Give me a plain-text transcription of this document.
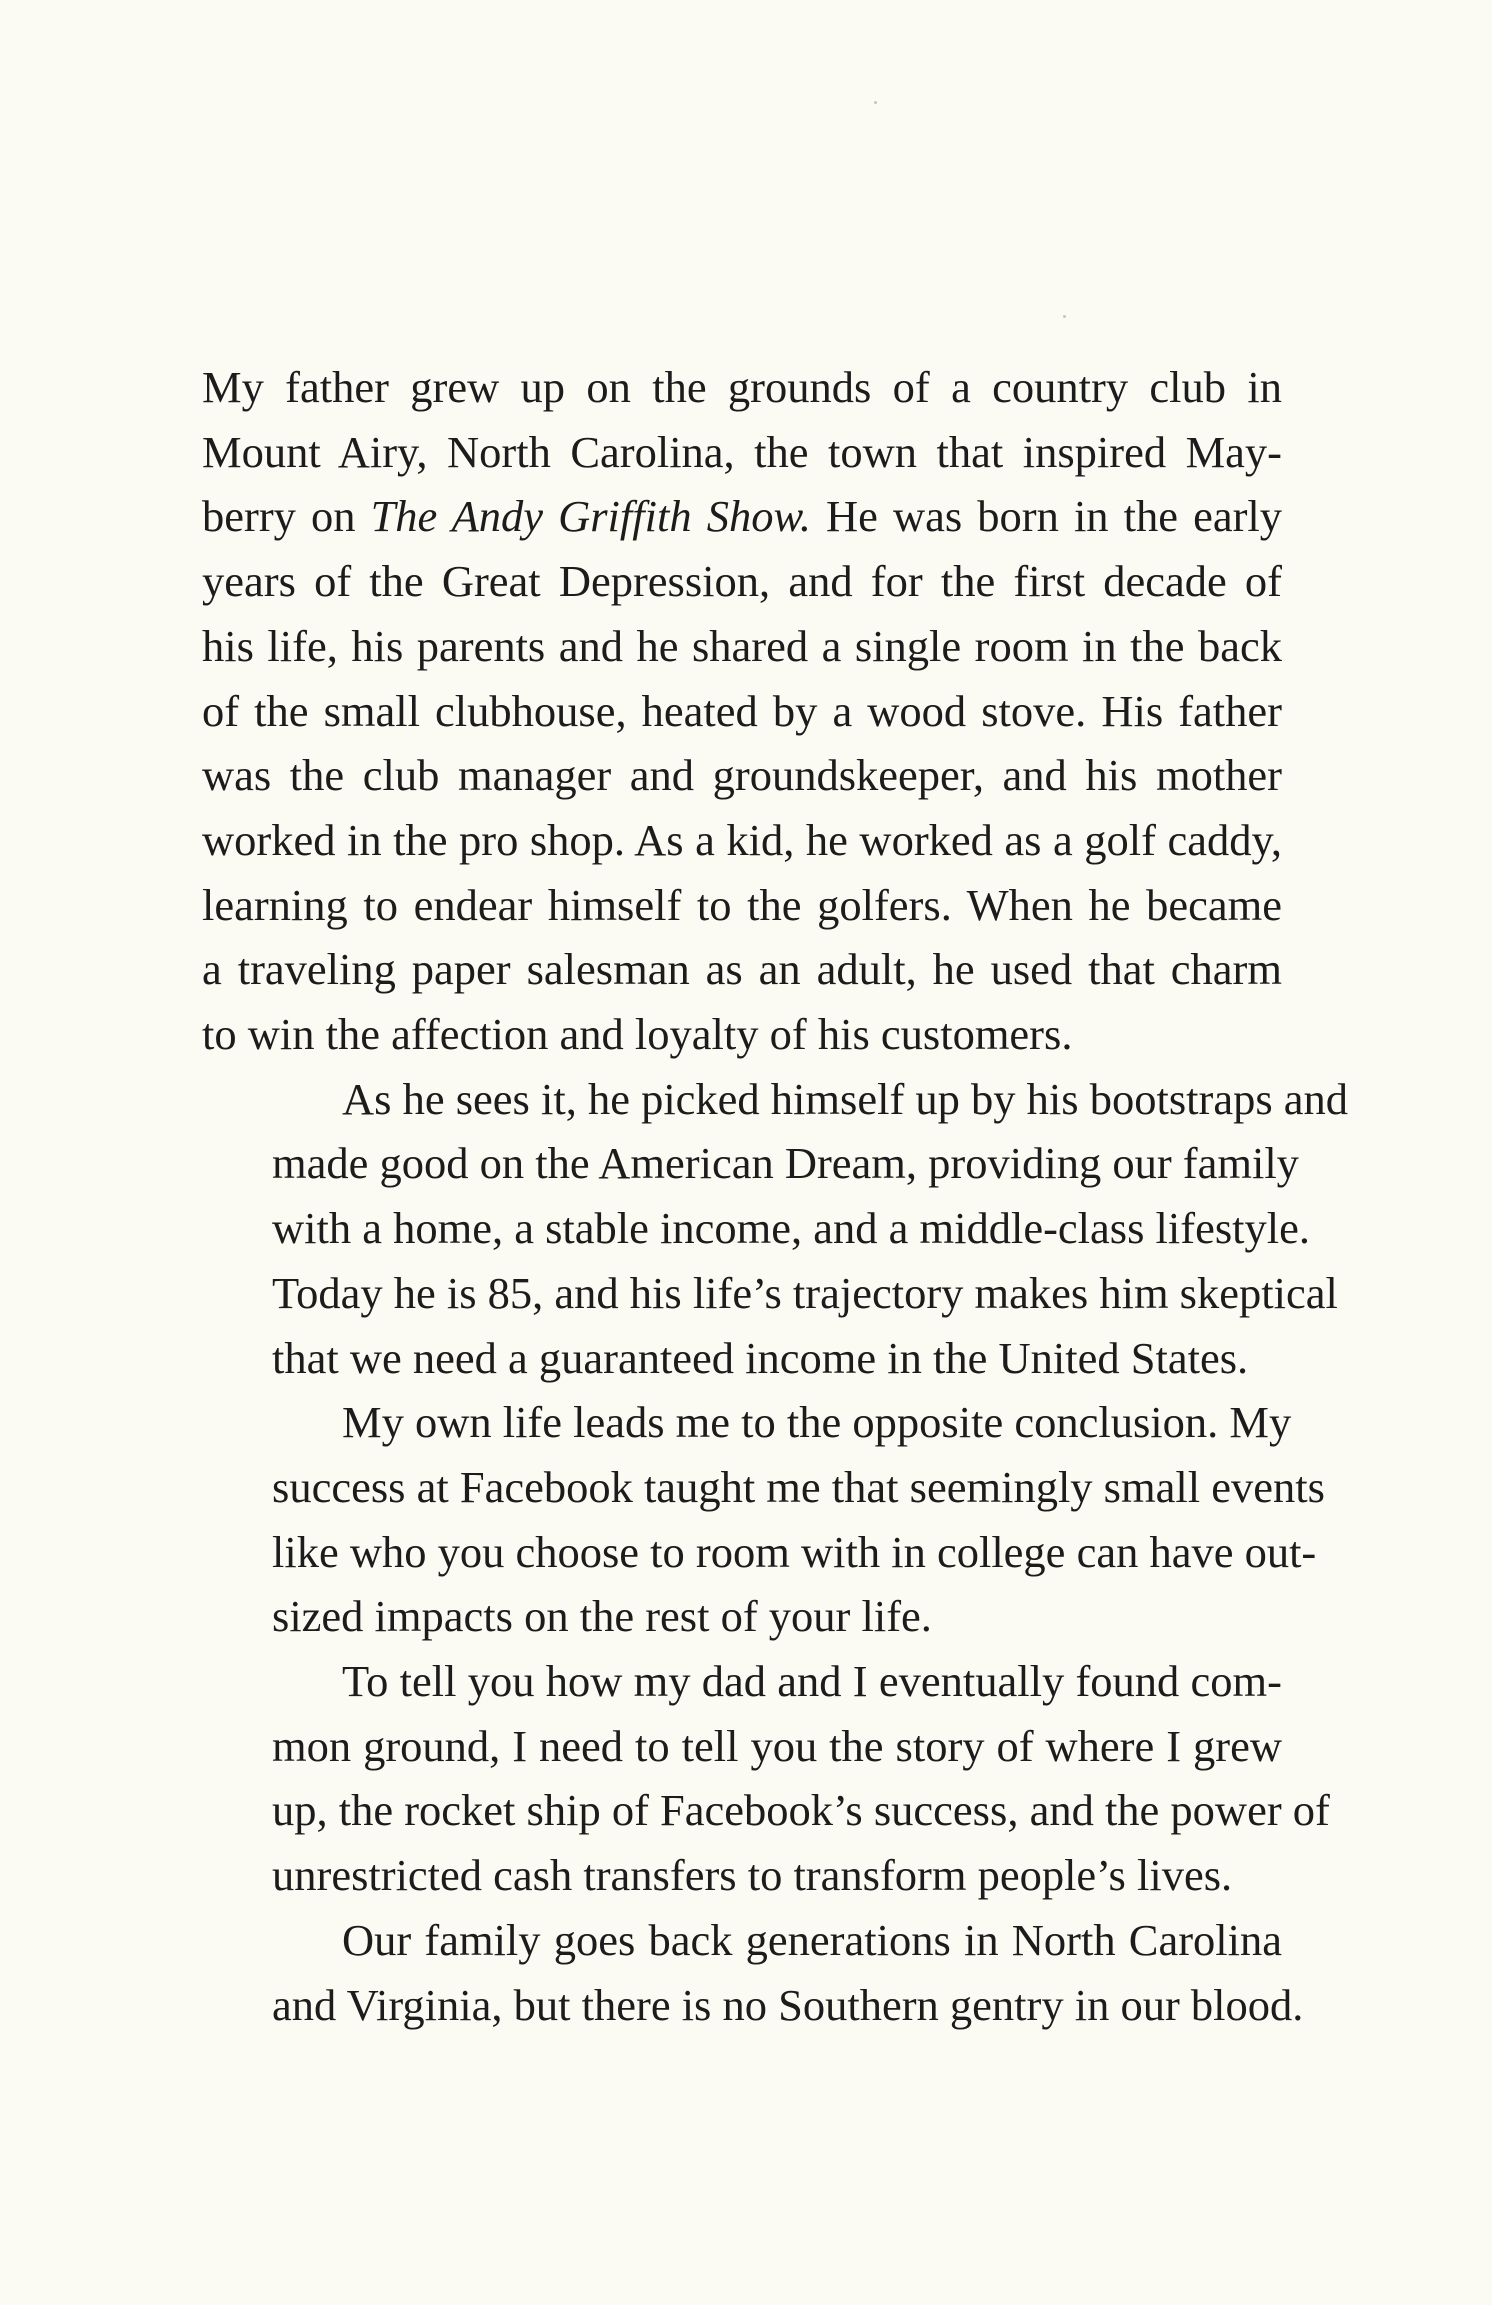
My father grew up on the grounds of a country club in
Mount Airy, North Carolina, the town that inspired May-
berry on The Andy Griffith Show. He was born in the early
years of the Great Depression, and for the first decade of
his life, his parents and he shared a single room in the back
of the small clubhouse, heated by a wood stove. His father
was the club manager and groundskeeper, and his mother
worked in the pro shop. As a kid, he worked as a golf caddy,
learning to endear himself to the golfers. When he became
a traveling paper salesman as an adult, he used that charm
to win the affection and loyalty of his customers.
As he sees it, he picked himself up by his bootstraps and
made good on the American Dream, providing our family
with a home, a stable income, and a middle-class lifestyle.
Today he is 85, and his life’s trajectory makes him skeptical
that we need a guaranteed income in the United States.
My own life leads me to the opposite conclusion. My
success at Facebook taught me that seemingly small events
like who you choose to room with in college can have out-
sized impacts on the rest of your life.
To tell you how my dad and I eventually found com-
mon ground, I need to tell you the story of where I grew
up, the rocket ship of Facebook’s success, and the power of
unrestricted cash transfers to transform people’s lives.
Our family goes back generations in North Carolina
and Virginia, but there is no Southern gentry in our blood.
